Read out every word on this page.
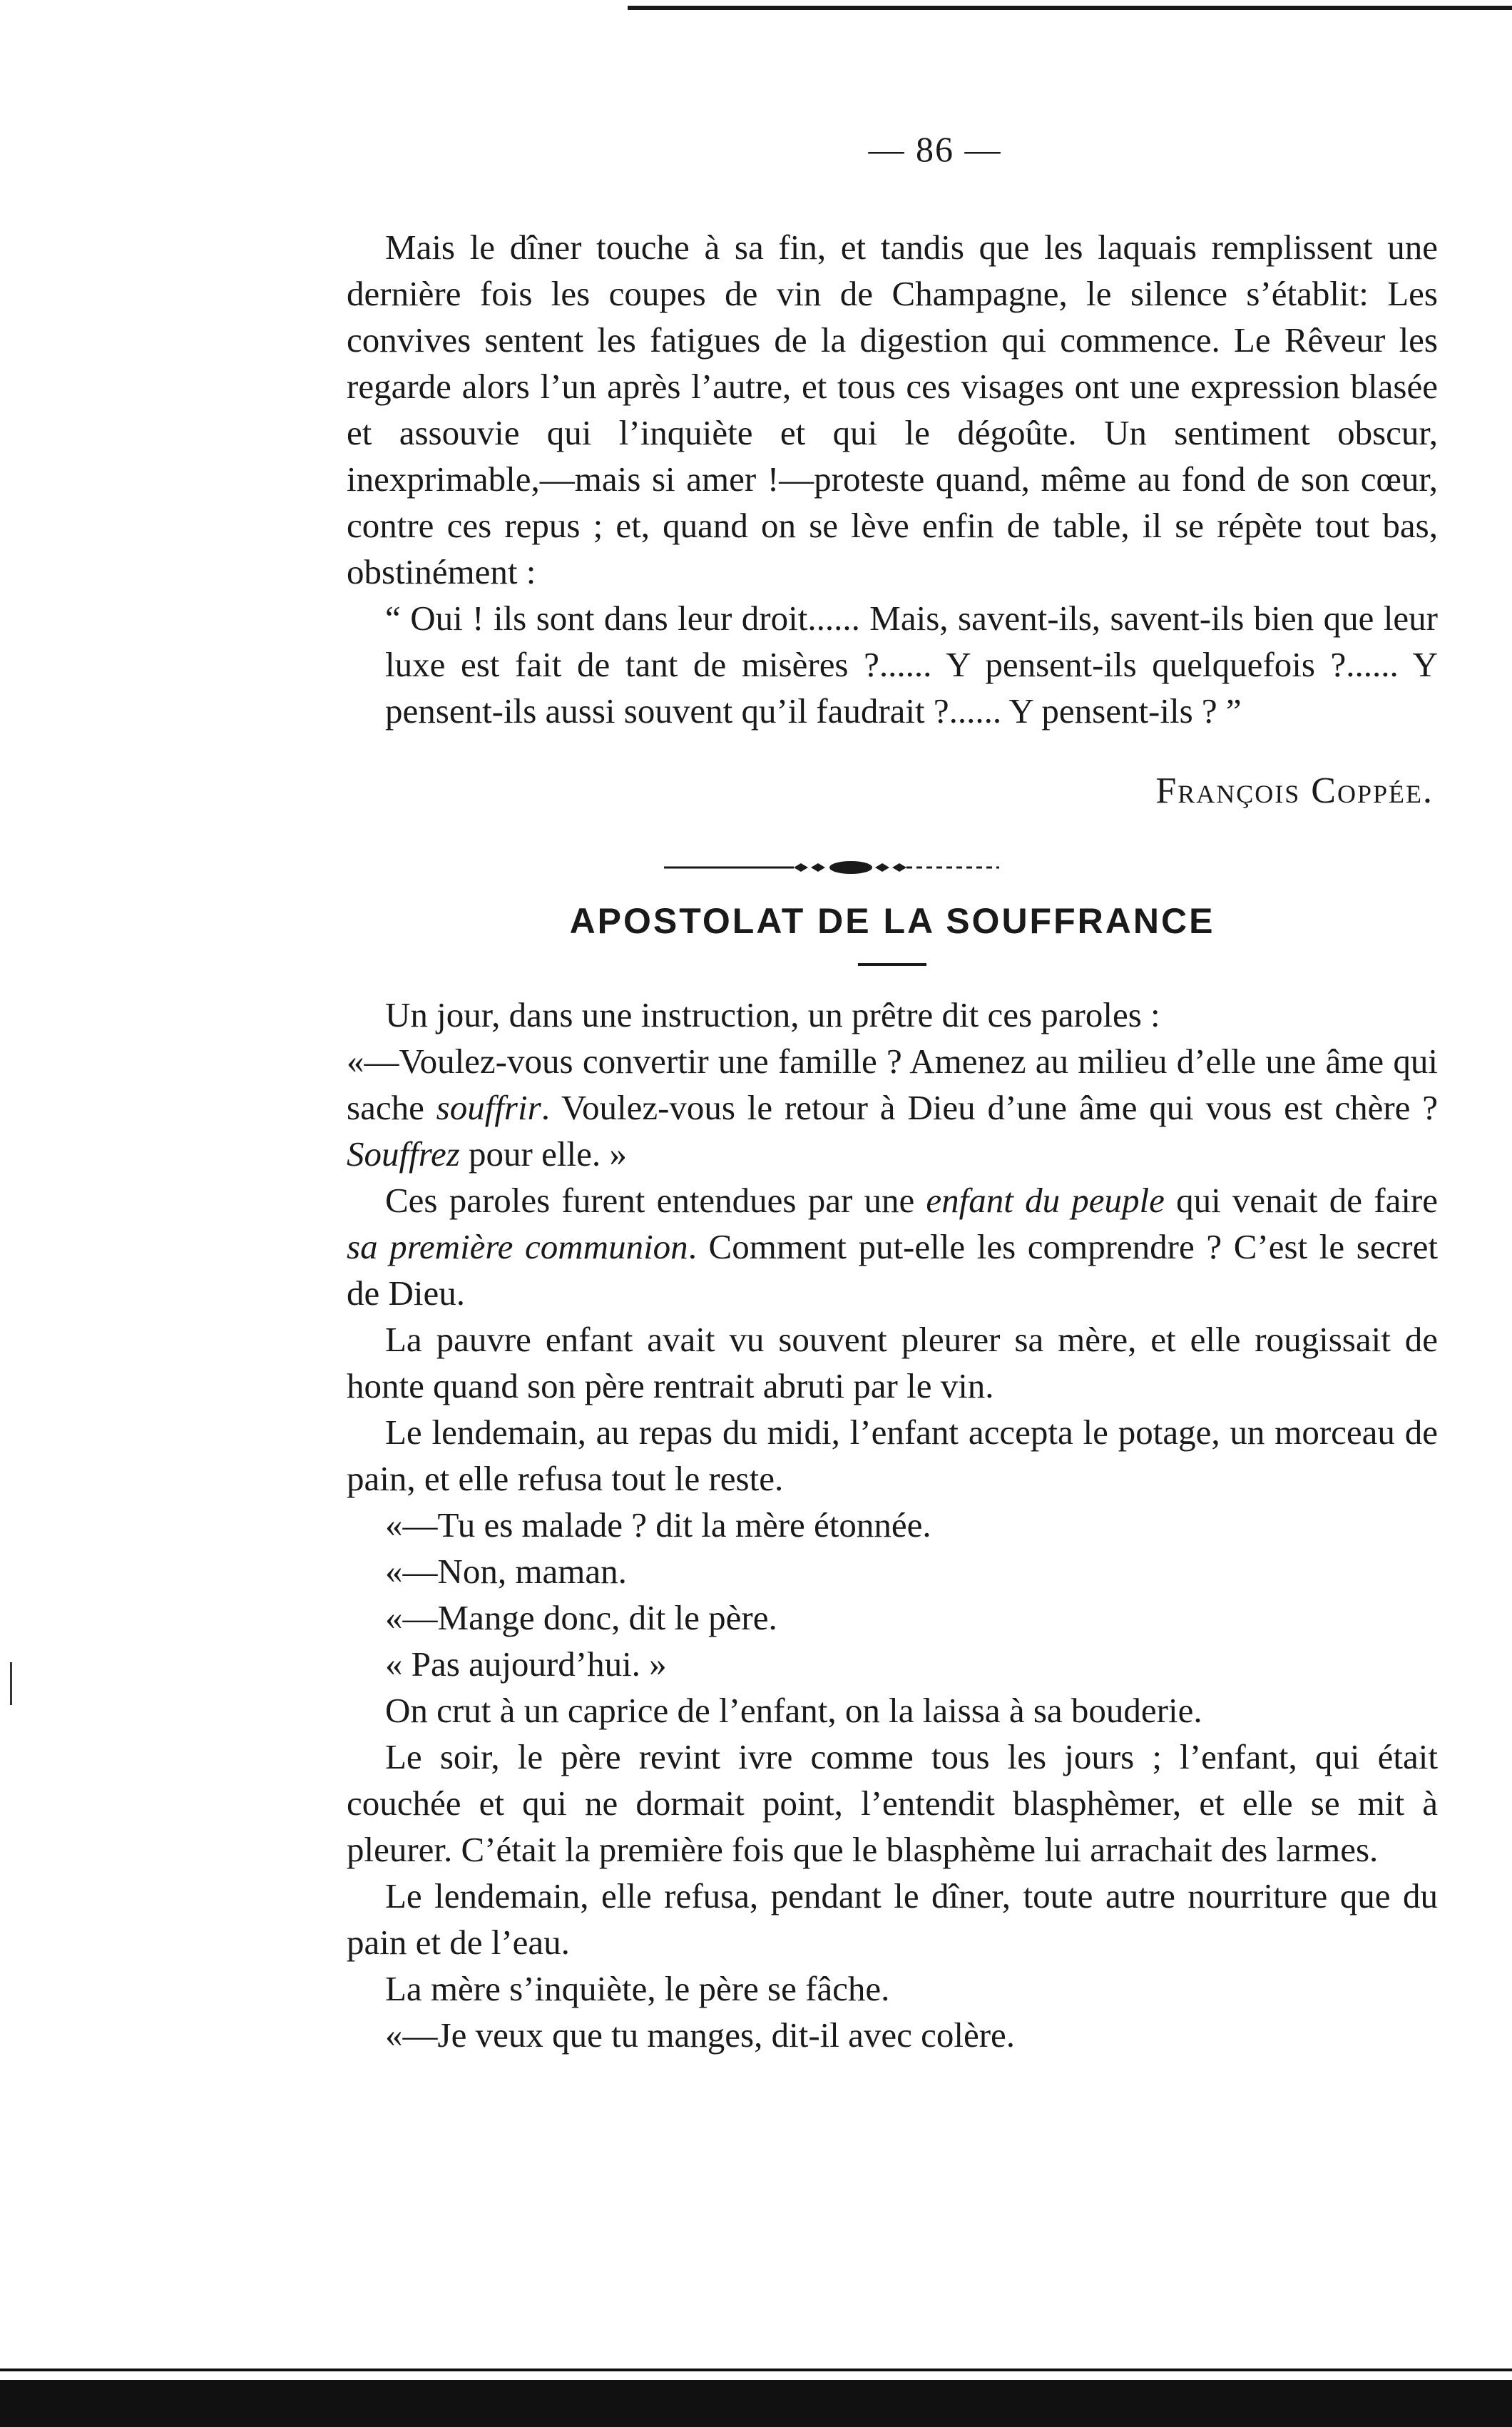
— 86 —

Mais le dîner touche à sa fin, et tandis que les laquais remplissent une dernière fois les coupes de vin de Champagne, le silence s’établit: Les convives sentent les fatigues de la digestion qui commence. Le Rêveur les regarde alors l’un après l’autre, et tous ces visages ont une expression blasée et assouvie qui l’inquiète et qui le dégoûte. Un sentiment obscur, inexprimable,—mais si amer !—proteste quand, même au fond de son cœur, contre ces repus ; et, quand on se lève enfin de table, il se répète tout bas, obstinément :

“ Oui ! ils sont dans leur droit...... Mais, savent-ils, savent-ils bien que leur luxe est fait de tant de misères ?...... Y pensent-ils quelquefois ?...... Y pensent-ils aussi souvent qu’il faudrait ?...... Y pensent-ils ? ”

François Coppée.

APOSTOLAT DE LA SOUFFRANCE

Un jour, dans une instruction, un prêtre dit ces paroles :

«—Voulez-vous convertir une famille ? Amenez au milieu d’elle une âme qui sache souffrir. Voulez-vous le retour à Dieu d’une âme qui vous est chère ? Souffrez pour elle. »

Ces paroles furent entendues par une enfant du peuple qui venait de faire sa première communion. Comment put-elle les comprendre ? C’est le secret de Dieu.

La pauvre enfant avait vu souvent pleurer sa mère, et elle rougissait de honte quand son père rentrait abruti par le vin.

Le lendemain, au repas du midi, l’enfant accepta le potage, un morceau de pain, et elle refusa tout le reste.

«—Tu es malade ? dit la mère étonnée.

«—Non, maman.

«—Mange donc, dit le père.

« Pas aujourd’hui. »

On crut à un caprice de l’enfant, on la laissa à sa bouderie.

Le soir, le père revint ivre comme tous les jours ; l’enfant, qui était couchée et qui ne dormait point, l’entendit blasphèmer, et elle se mit à pleurer. C’était la première fois que le blasphème lui arrachait des larmes.

Le lendemain, elle refusa, pendant le dîner, toute autre nourriture que du pain et de l’eau.

La mère s’inquiète, le père se fâche.

«—Je veux que tu manges, dit-il avec colère.
